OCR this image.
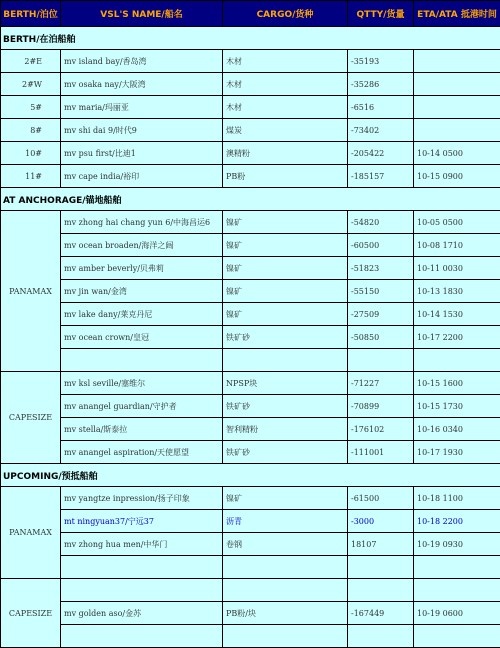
BERTH/泊位	VSL'S NAME/船名	CARGO/货种	QTTY/货量	ETA/ATA 抵港时间
BERTH/在泊船舶				
2#E	mv island bay/香岛湾	木材	-35193	
2#W	mv osaka nay/大阪湾	木材	-35286	
5#	mv maria/玛丽亚	木材	-6516	
8#	mv shi dai 9/时代9	煤炭	-73402	
10#	mv psu first/比迪1	澳精粉	-205422	10-14 0500
11#	mv cape india/裕印	PB粉	-185157	10-15 0900
AT ANCHORAGE/锚地船舶				
PANAMAX	mv zhong hai chang yun 6/中海昌运6	镍矿	-54820	10-05 0500
	mv ocean broaden/海洋之阔	镍矿	-60500	10-08 1710
	mv amber beverly/贝弗莉	镍矿	-51823	10-11 0030
	mv jin wan/金湾	镍矿	-55150	10-13 1830
	mv lake dany/莱克丹尼	镍矿	-27509	10-14 1530
	mv ocean crown/皇冠	铁矿砂	-50850	10-17 2200

CAPESIZE	mv ksl seville/塞维尔	NPSP块	-71227	10-15 1600
	mv anangel guardian/守护者	铁矿砂	-70899	10-15 1730
	mv stella/斯泰拉	智利精粉	-176102	10-16 0340
	mv anangel aspiration/天使愿望	铁矿砂	-111001	10-17 1930
UPCOMING/预抵船舶				
PANAMAX	mv yangtze inpression/扬子印象	镍矿	-61500	10-18 1100
	mt ningyuan37/宁远37	沥青	-3000	10-18 2200
	mv zhong hua men/中华门	卷钢	18107	10-19 0930

CAPESIZE				
	mv golden aso/金苏	PB粉/块	-167449	10-19 0600
